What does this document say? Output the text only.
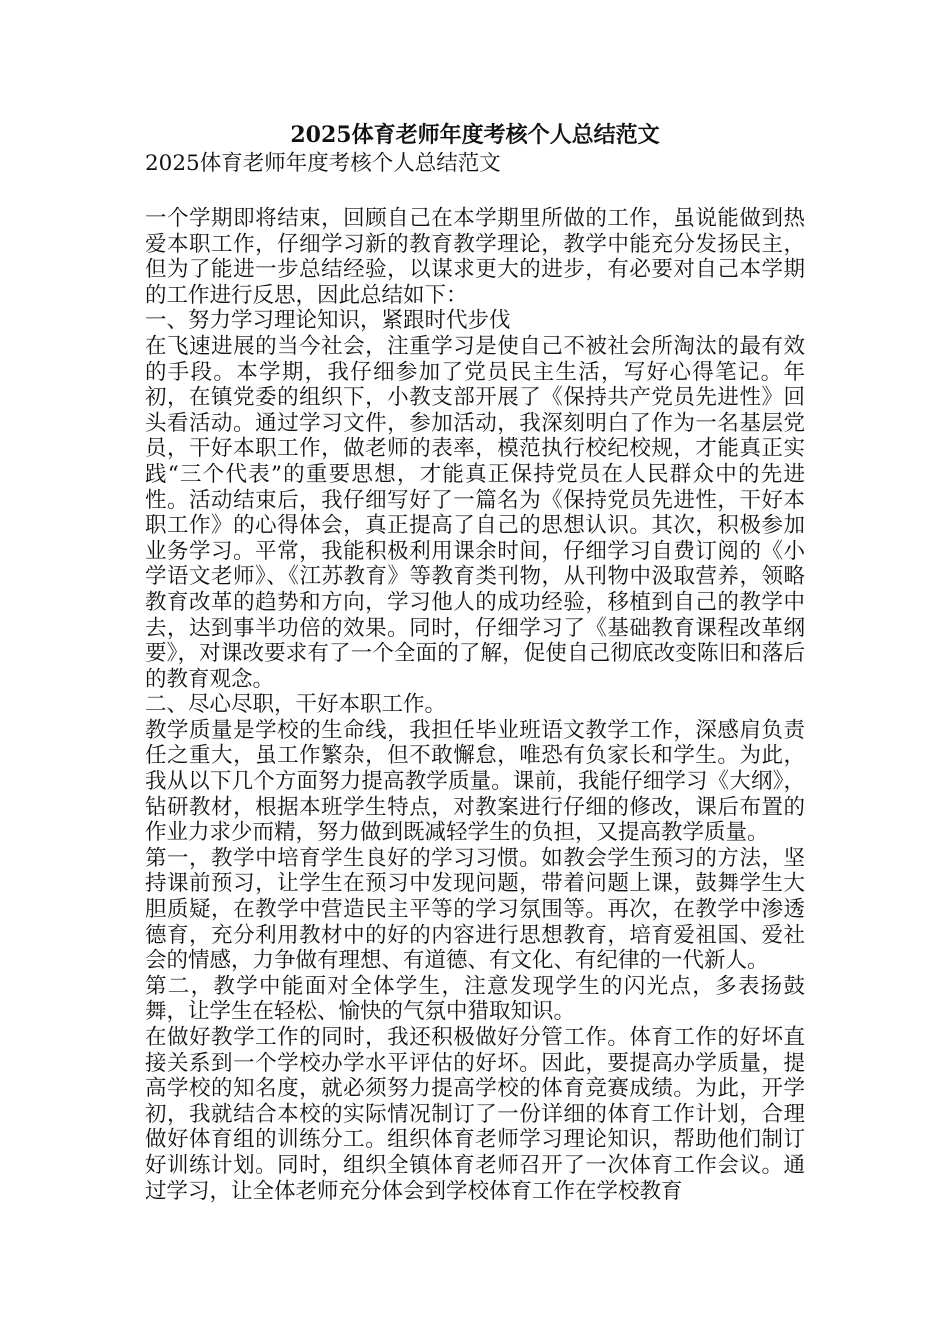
2025体育老师年度考核个人总结范文

2025体育老师年度考核个人总结范文

一个学期即将结束，回顾自己在本学期里所做的工作，虽说能做到热爱本职工作，仔细学习新的教育教学理论，教学中能充分发扬民主，但为了能进一步总结经验，以谋求更大的进步，有必要对自己本学期的工作进行反思，因此总结如下：
一、努力学习理论知识，紧跟时代步伐
在飞速进展的当今社会，注重学习是使自己不被社会所淘汰的最有效的手段。本学期，我仔细参加了党员民主生活，写好心得笔记。年初，在镇党委的组织下，小教支部开展了《保持共产党员先进性》回头看活动。通过学习文件，参加活动，我深刻明白了作为一名基层党员，干好本职工作，做老师的表率，模范执行校纪校规，才能真正实践“三个代表”的重要思想，才能真正保持党员在人民群众中的先进性。活动结束后，我仔细写好了一篇名为《保持党员先进性，干好本职工作》的心得体会，真正提高了自己的思想认识。其次，积极参加业务学习。平常，我能积极利用课余时间，仔细学习自费订阅的《小学语文老师》、《江苏教育》等教育类刊物，从刊物中汲取营养，领略教育改革的趋势和方向，学习他人的成功经验，移植到自己的教学中去，达到事半功倍的效果。同时，仔细学习了《基础教育课程改革纲要》，对课改要求有了一个全面的了解，促使自己彻底改变陈旧和落后的教育观念。
二、尽心尽职，干好本职工作。
教学质量是学校的生命线，我担任毕业班语文教学工作，深感肩负责任之重大，虽工作繁杂，但不敢懈怠，唯恐有负家长和学生。为此，我从以下几个方面努力提高教学质量。课前，我能仔细学习《大纲》，钻研教材，根据本班学生特点，对教案进行仔细的修改，课后布置的作业力求少而精，努力做到既减轻学生的负担，又提高教学质量。
第一，教学中培育学生良好的学习习惯。如教会学生预习的方法，坚持课前预习，让学生在预习中发现问题，带着问题上课，鼓舞学生大胆质疑，在教学中营造民主平等的学习氛围等。再次，在教学中渗透德育，充分利用教材中的好的内容进行思想教育，培育爱祖国、爱社会的情感，力争做有理想、有道德、有文化、有纪律的一代新人。
第二，教学中能面对全体学生，注意发现学生的闪光点，多表扬鼓舞，让学生在轻松、愉快的气氛中猎取知识。
在做好教学工作的同时，我还积极做好分管工作。体育工作的好坏直接关系到一个学校办学水平评估的好坏。因此，要提高办学质量，提高学校的知名度，就必须努力提高学校的体育竞赛成绩。为此，开学初，我就结合本校的实际情况制订了一份详细的体育工作计划，合理做好体育组的训练分工。组织体育老师学习理论知识，帮助他们制订好训练计划。同时，组织全镇体育老师召开了一次体育工作会议。通过学习，让全体老师充分体会到学校体育工作在学校教育
